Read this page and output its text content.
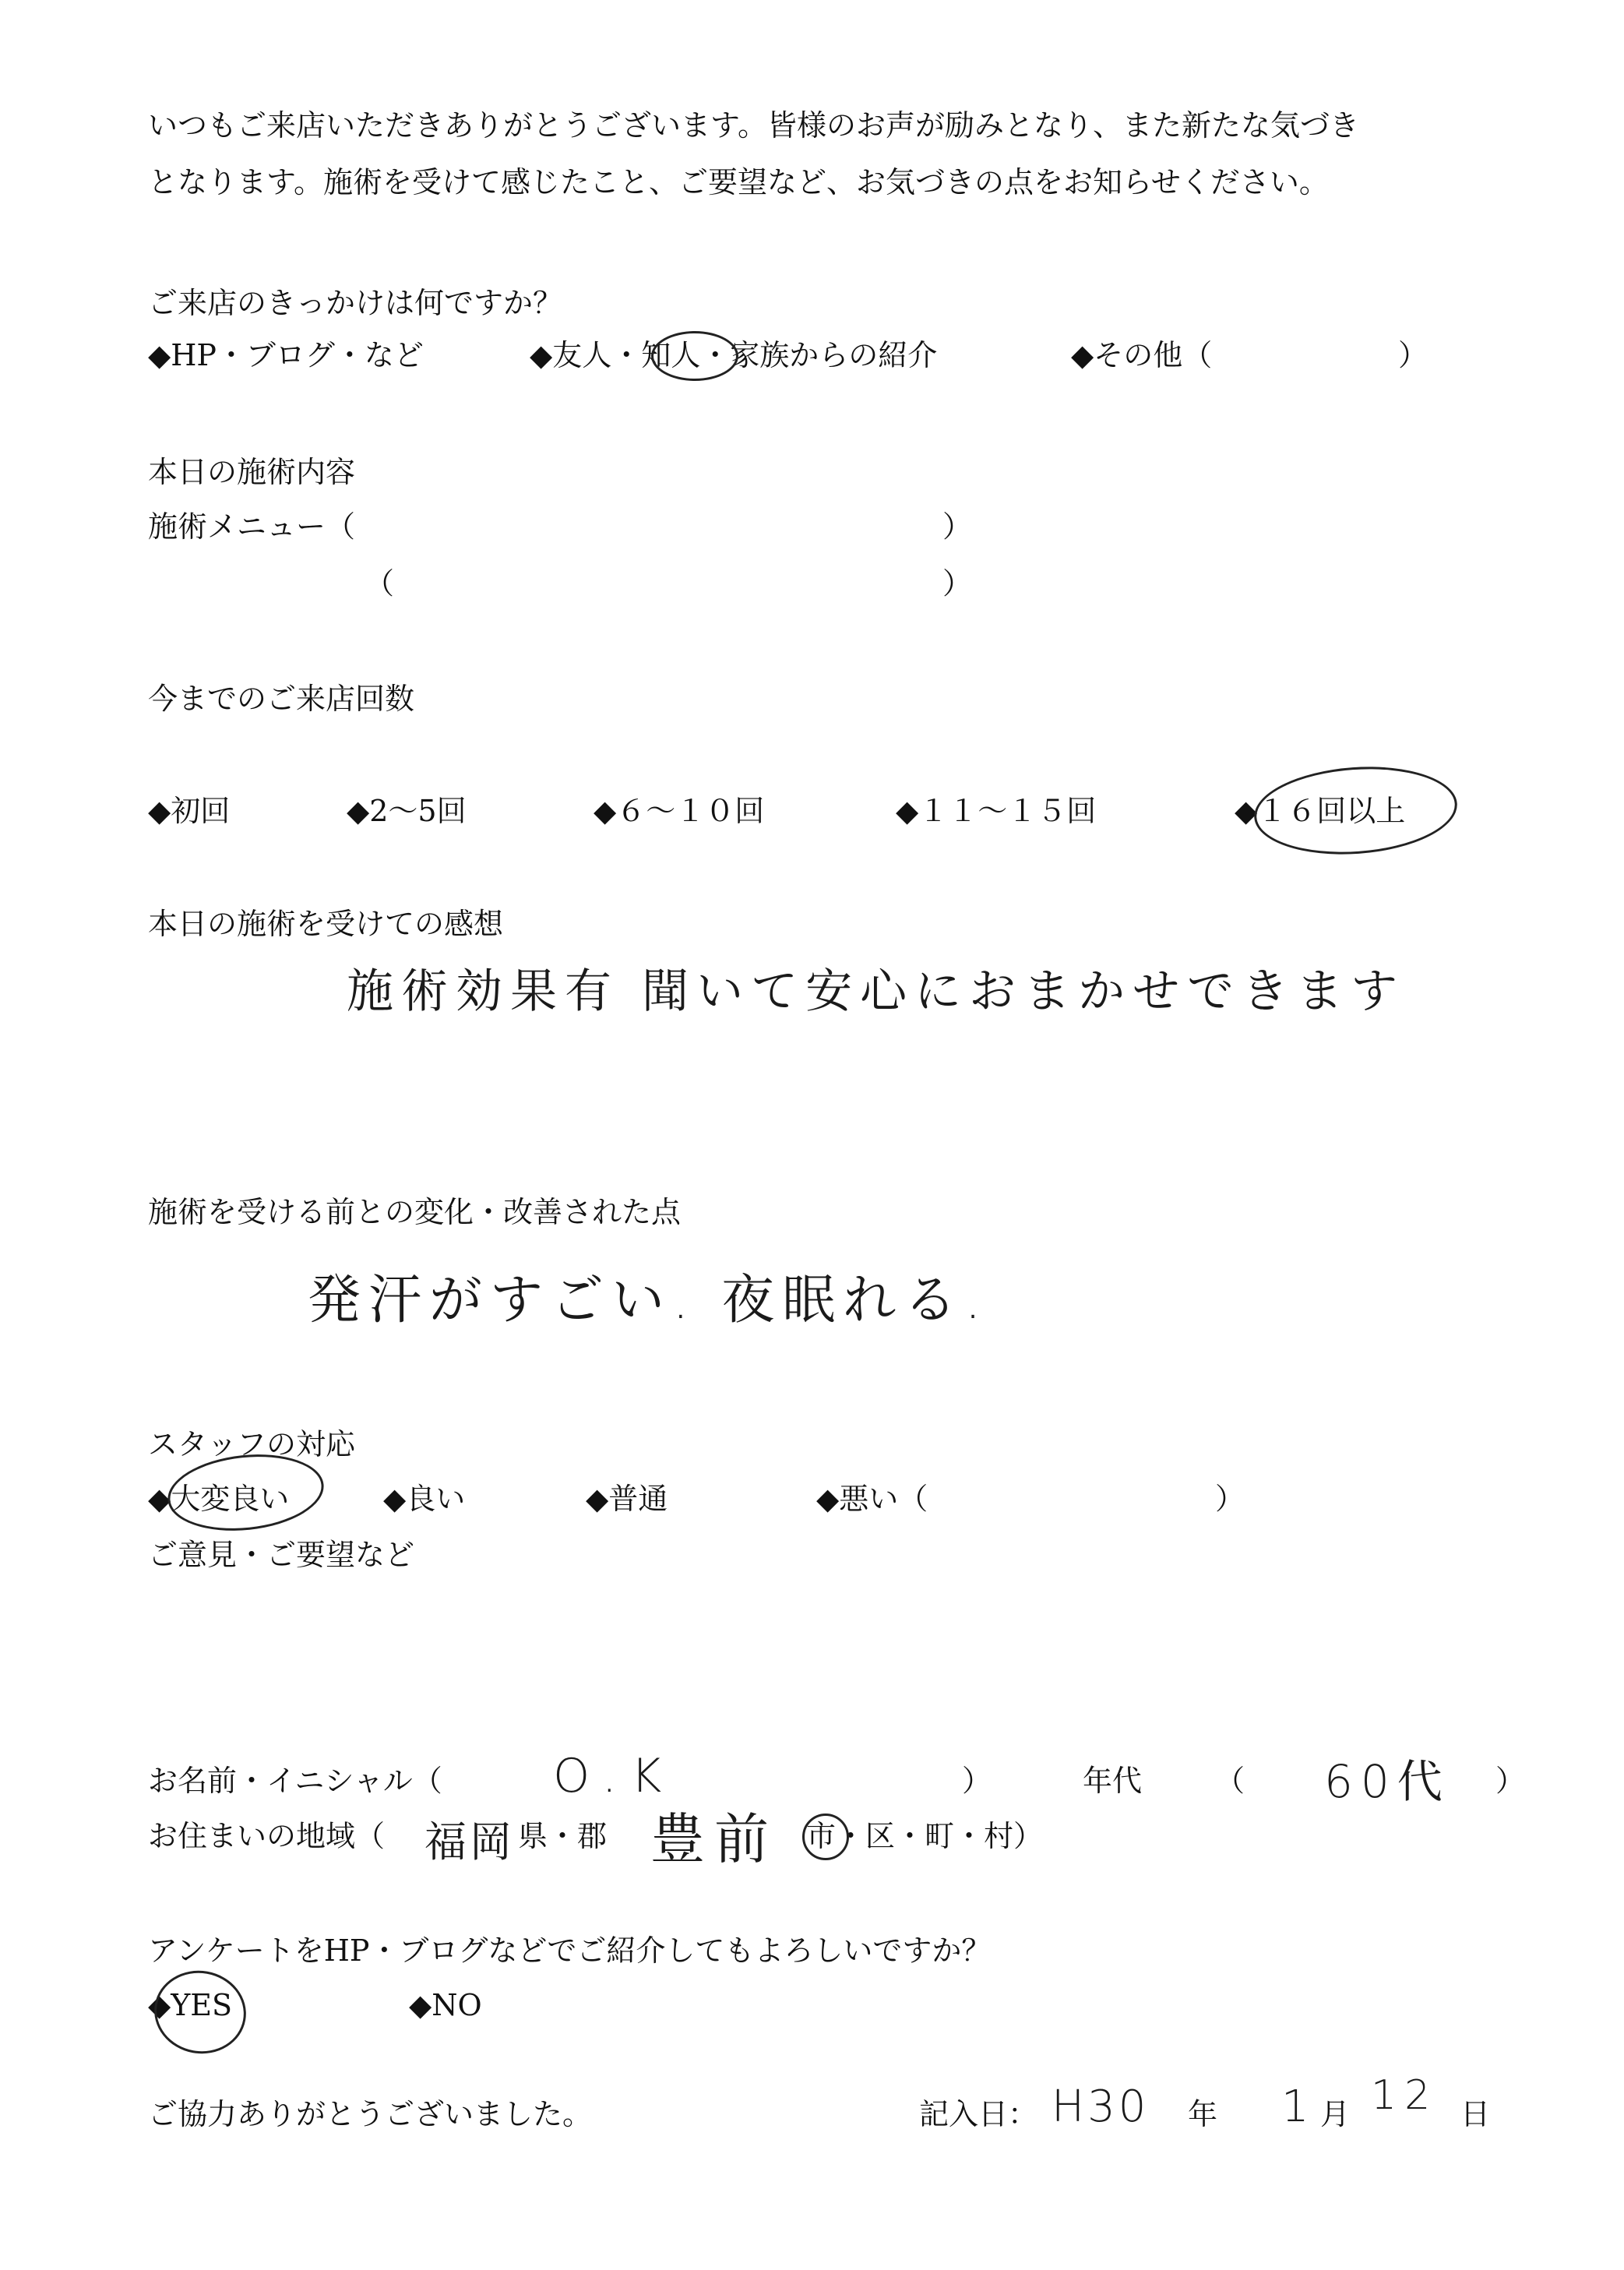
いつもご来店いただきありがとうございます。皆様のお声が励みとなり、また新たな気づき
となります。施術を受けて感じたこと、ご要望など、お気づきの点をお知らせください。
ご来店のきっかけは何ですか？
◆HP・ブログ・など	◆友人・知人・家族からの紹介	◆その他（	）
本日の施術内容
施術メニュー（	）
（	）
今までのご来店回数
◆初回	◆2～5回	◆６～１０回	◆１１～１５回	◆１６回以上
本日の施術を受けての感想
施術効果有 聞いて安心におまかせできます
施術を受ける前との変化・改善された点
発汗がすごい. 夜眠れる.
スタッフの対応
◆大変良い	◆良い	◆普通	◆悪い（	）
ご意見・ご要望など
お名前・イニシャル（ O.K	）	年代 （ 60代 ）
お住まいの地域（ 福岡 県・郡 豊前 市・区・町・村）
アンケートをHP・ブログなどでご紹介してもよろしいですか？
◆YES	◆NO
ご協力ありがとうございました。	記入日： H30 年 1 月 12 日
